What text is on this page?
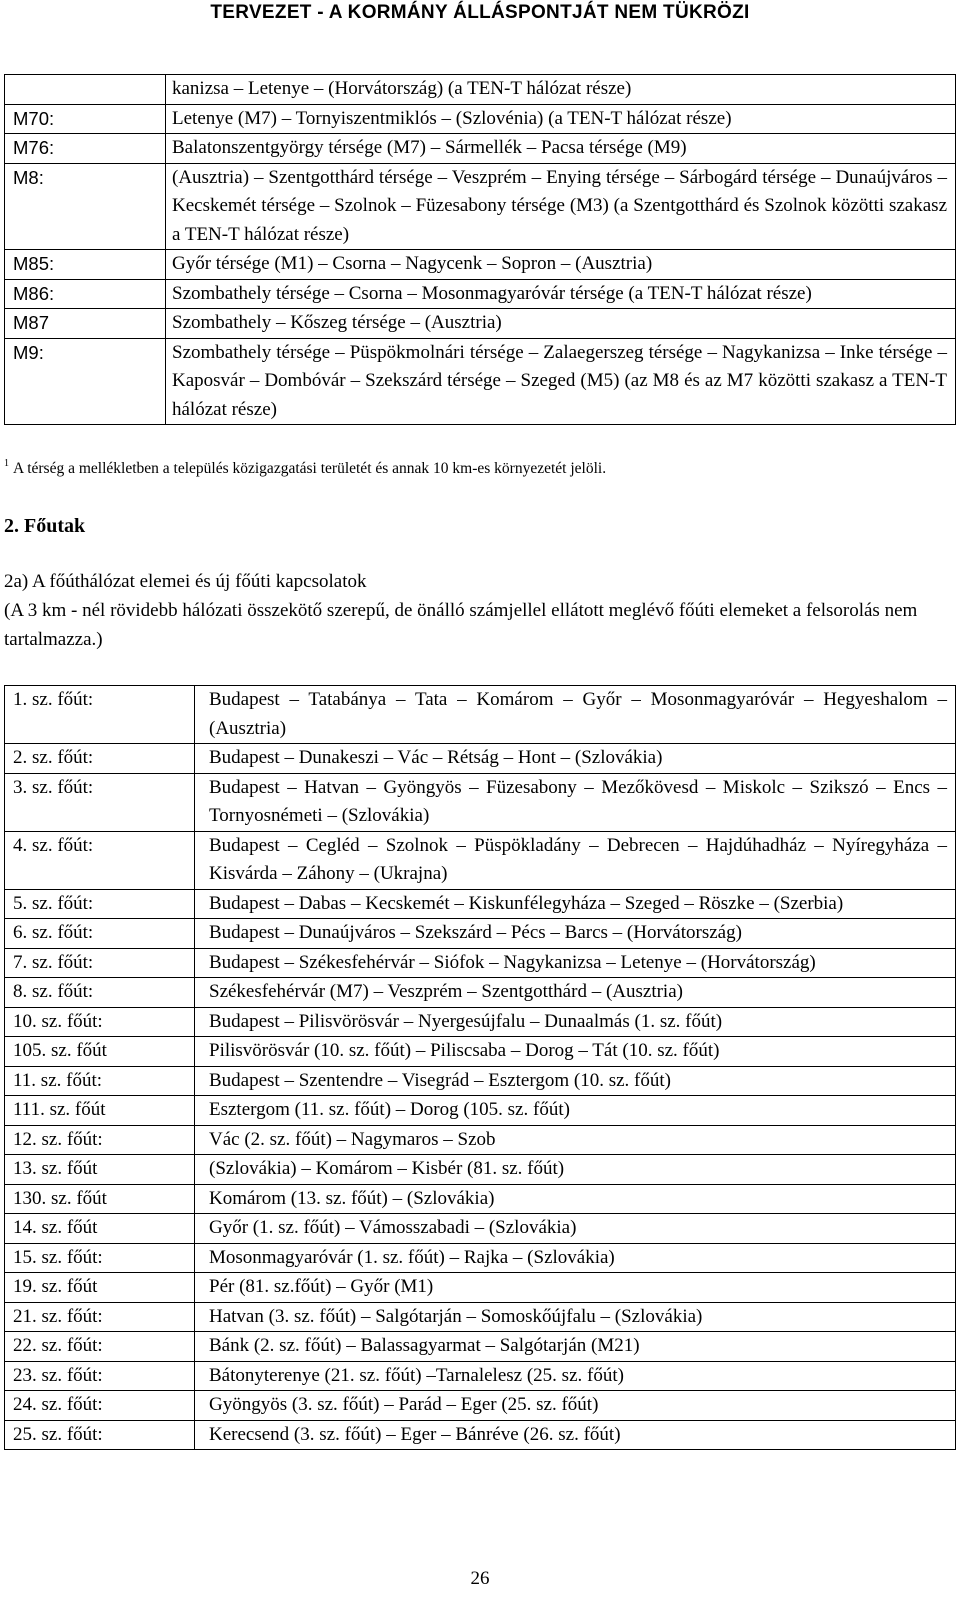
TERVEZET - A KORMÁNY ÁLLÁSPONTJÁT NEM TÜKRÖZI
	kanizsa – Letenye – (Horvátország) (a TEN-T hálózat része)
M70:	Letenye (M7) – Tornyiszentmiklós – (Szlovénia) (a TEN-T hálózat része)
M76:	Balatonszentgyörgy térsége (M7) – Sármellék – Pacsa térsége (M9)
M8:	(Ausztria) – Szentgotthárd térsége – Veszprém – Enying térsége – Sárbogárd térsége – Dunaújváros – Kecskemét térsége – Szolnok – Füzesabony térsége (M3) (a Szentgotthárd és Szolnok közötti szakasz a TEN-T hálózat része)
M85:	Győr térsége (M1) – Csorna – Nagycenk – Sopron – (Ausztria)
M86:	Szombathely térsége – Csorna – Mosonmagyaróvár térsége (a TEN-T hálózat része)
M87	Szombathely – Kőszeg térsége – (Ausztria)
M9:	Szombathely térsége – Püspökmolnári térsége – Zalaegerszeg térsége – Nagykanizsa – Inke térsége – Kaposvár – Dombóvár – Szekszárd térsége – Szeged (M5) (az M8 és az M7 közötti szakasz a TEN-T hálózat része)
$^1$ A térség a mellékletben a település közigazgatási területét és annak 10 km-es környezetét jelöli.
2. Főutak
2a) A főúthálózat elemei és új főúti kapcsolatok
(A 3 km - nél rövidebb hálózati összekötő szerepű, de önálló számjellel ellátott meglévő főúti elemeket a felsorolás nem tartalmazza.)
1. sz. főút:	Budapest – Tatabánya – Tata – Komárom – Győr – Mosonmagyaróvár – Hegyeshalom – (Ausztria)
2. sz. főút:	Budapest – Dunakeszi – Vác – Rétság – Hont – (Szlovákia)
3. sz. főút:	Budapest – Hatvan – Gyöngyös – Füzesabony – Mezőkövesd – Miskolc – Szikszó – Encs – Tornyosnémeti – (Szlovákia)
4. sz. főút:	Budapest – Cegléd – Szolnok – Püspökladány – Debrecen – Hajdúhadház – Nyíregyháza – Kisvárda – Záhony – (Ukrajna)
5. sz. főút:	Budapest – Dabas – Kecskemét – Kiskunfélegyháza – Szeged – Röszke – (Szerbia)
6. sz. főút:	Budapest – Dunaújváros – Szekszárd – Pécs – Barcs – (Horvátország)
7. sz. főút:	Budapest – Székesfehérvár – Siófok – Nagykanizsa – Letenye – (Horvátország)
8. sz. főút:	Székesfehérvár (M7) – Veszprém – Szentgotthárd – (Ausztria)
10. sz. főút:	Budapest – Pilisvörösvár – Nyergesújfalu – Dunaalmás (1. sz. főút)
105. sz. főút	Pilisvörösvár (10. sz. főút) – Piliscsaba – Dorog – Tát (10. sz. főút)
11. sz. főút:	Budapest – Szentendre – Visegrád – Esztergom (10. sz. főút)
111. sz. főút	Esztergom (11. sz. főút) – Dorog (105. sz. főút)
12. sz. főút:	Vác (2. sz. főút) – Nagymaros – Szob
13. sz. főút	(Szlovákia) – Komárom – Kisbér (81. sz. főút)
130. sz. főút	Komárom (13. sz. főút) – (Szlovákia)
14. sz. főút	Győr (1. sz. főút) – Vámosszabadi – (Szlovákia)
15. sz. főút:	Mosonmagyaróvár (1. sz. főút) – Rajka – (Szlovákia)
19. sz. főút	Pér (81. sz.főút) – Győr (M1)
21. sz. főút:	Hatvan (3. sz. főút) – Salgótarján – Somoskőújfalu – (Szlovákia)
22. sz. főút:	Bánk (2. sz. főút) – Balassagyarmat – Salgótarján (M21)
23. sz. főút:	Bátonyterenye (21. sz. főút) –Tarnalelesz (25. sz. főút)
24. sz. főút:	Gyöngyös (3. sz. főút) – Parád – Eger (25. sz. főút)
25. sz. főút:	Kerecsend (3. sz. főút) – Eger – Bánréve (26. sz. főút)
26
